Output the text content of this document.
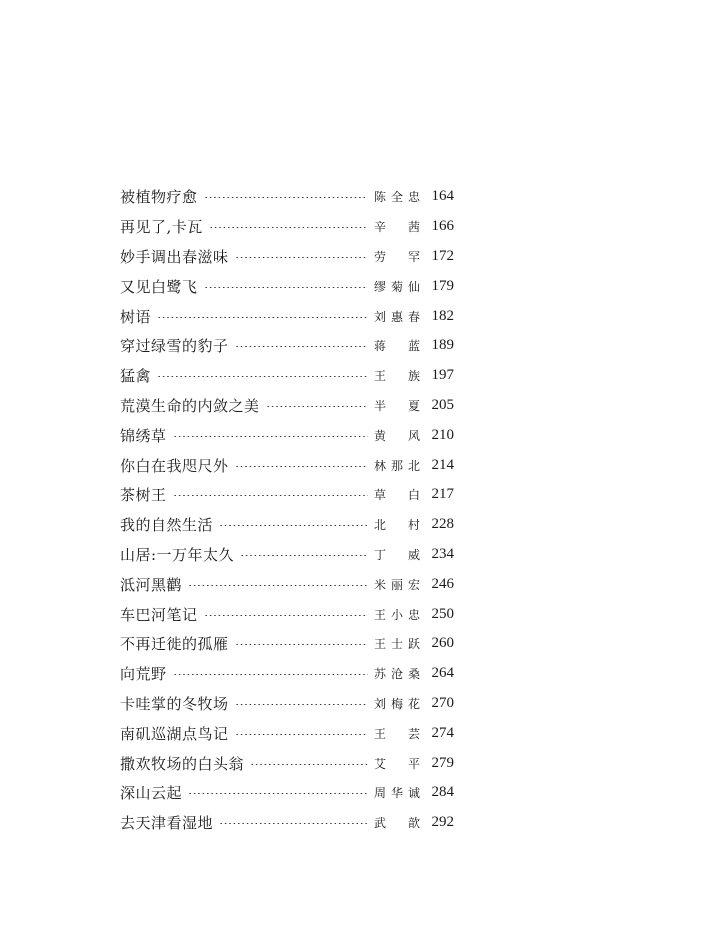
被植物疗愈	陈全忠 164
再见了,卡瓦	辛　茜 166
妙手调出春滋味	劳　罕 172
又见白鹭飞	缪菊仙 179
树语	刘惠春 182
穿过绿雪的豹子	蒋　蓝 189
猛禽	王　族 197
荒漠生命的内敛之美	半　夏 205
锦绣草	黄　风 210
你白在我咫尺外	林那北 214
茶树王	草　白 217
我的自然生活	北　村 228
山居:一万年太久	丁　威 234
泜河黑鹳	米丽宏 246
车巴河笔记	王小忠 250
不再迁徙的孤雁	王士跃 260
向荒野	苏沧桑 264
卡哇掌的冬牧场	刘梅花 270
南矶巡湖点鸟记	王　芸 274
撒欢牧场的白头翁	艾　平 279
深山云起	周华诚 284
去天津看湿地	武　歆 292
